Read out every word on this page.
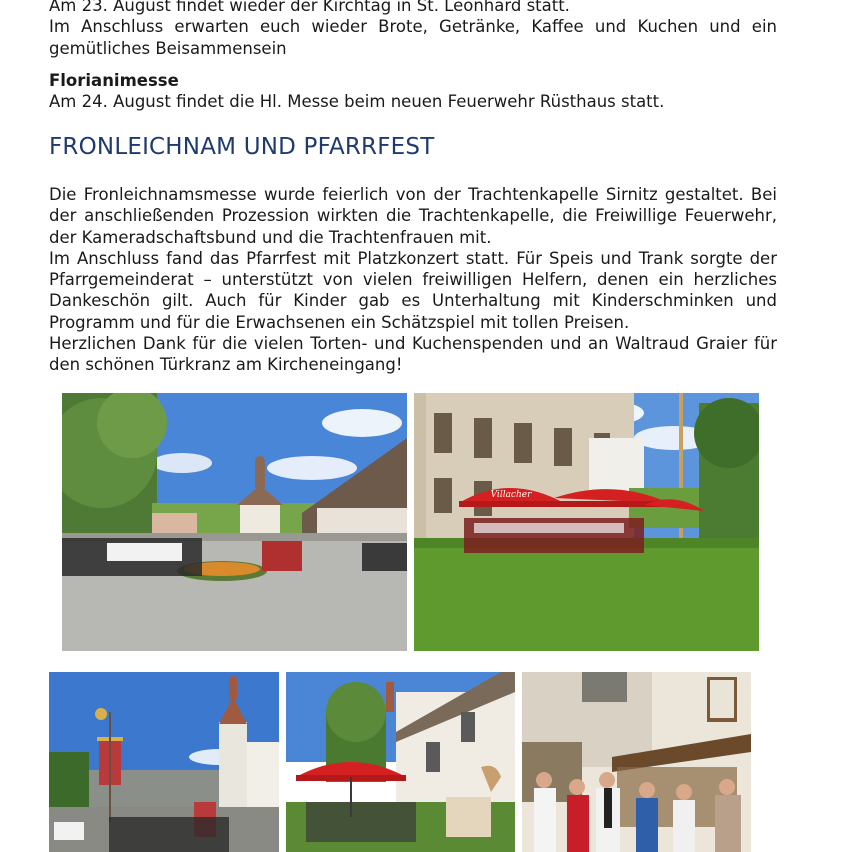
Am 23. August findet wieder der Kirchtag in St. Leonhard statt.
Im Anschluss erwarten euch wieder Brote, Getränke, Kaffee und Kuchen und ein gemütliches Beisammensein
Florianimesse
Am 24. August findet die Hl. Messe beim neuen Feuerwehr Rüsthaus statt.
FRONLEICHNAM UND PFARRFEST
Die Fronleichnamsmesse wurde feierlich von der Trachtenkapelle Sirnitz gestaltet. Bei der anschließenden Prozession wirkten die Trachtenkapelle, die Freiwillige Feuerwehr, der Kameradschaftsbund und die Trachtenfrauen mit.
Im Anschluss fand das Pfarrfest mit Platzkonzert statt. Für Speis und Trank sorgte der Pfarrgemeinderat – unterstützt von vielen freiwilligen Helfern, denen ein herzliches Dankeschön gilt. Auch für Kinder gab es Unterhaltung mit Kinderschminken und Programm und für die Erwachsenen ein Schätzspiel mit tollen Preisen.
Herzlichen Dank für die vielen Torten- und Kuchenspenden und an Waltraud Graier für den schönen Türkranz am Kircheneingang!
Villacher
